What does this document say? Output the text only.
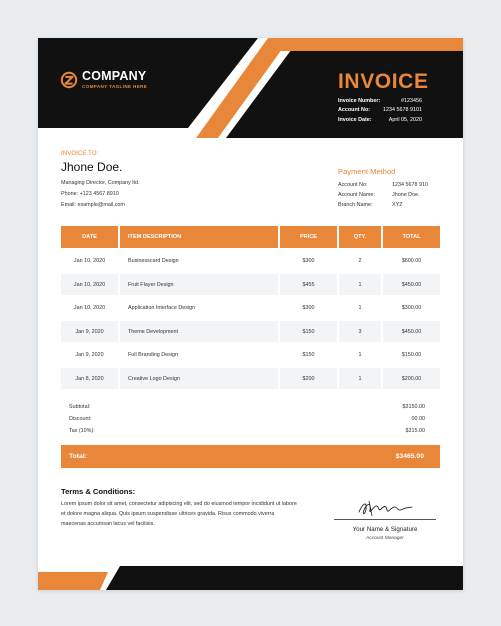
COMPANY
COMPANY TAGLINE HERE	INVOICE
Invoice Number:	#123456
Account No: 1234 5678 9101
Invoice Date:	April 05, 2020
INVOICE TO:
Jhone Doe.
Managing Director, Company ltd.
Phone: +123 4567 8910
Email: example@mail.com
Payment Method
Account No:	1234 5678 910
Account Name:	Jhone Doe.
Branch Name:	XYZ
DATE	ITEM DESCRIPTION	PRICE	QTY.	TOTAL
Jan 10, 2020	Businesscard Design	$300	2	$600.00
Jan 10, 2020	Fruit Flayer Design	$455	1	$450.00
Jan 10, 2020	Application Interface Design	$300	1	$300.00
Jan 9, 2020	Theme Development	$150	3	$450.00
Jan 9, 2020	Full Branding Design	$150	1	$150.00
Jan 8, 2020	Creative Logo Design	$200	1	$200.00
Subtotal:	$3150.00
Discount:	00.00
Tax (10%):	$315.00
Total:	$3465.00
Terms & Conditions:
Lorem ipsum dolor sit amet, consectetur adipiscing elit, sed do eiusmod tempor incididunt ut labore et dolore magna aliqua. Quis ipsum suspendisse ultrices gravida. Risus commodo viverra maecenas accumsan lacus vel facilisis.
Your Name & Signature
Account Manager
